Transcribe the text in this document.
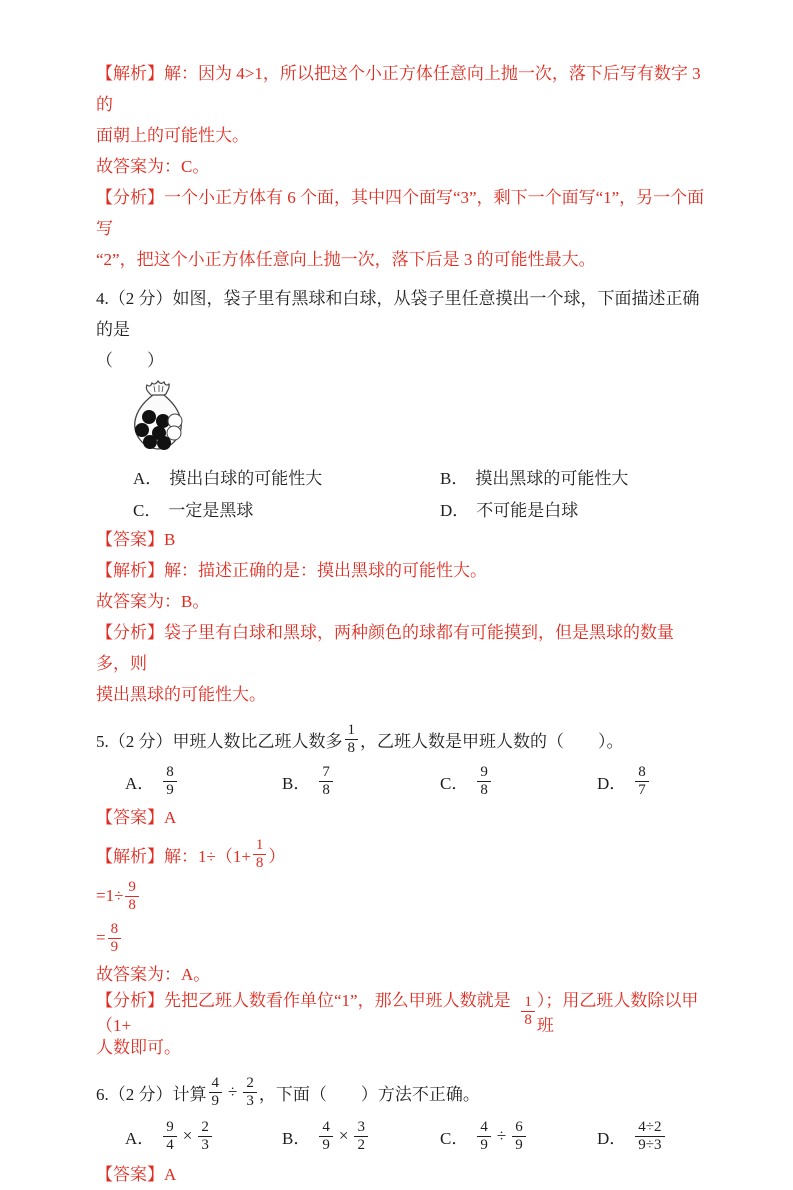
【解析】解：因为 4>1，所以把这个小正方体任意向上抛一次，落下后写有数字 3 的

面朝上的可能性大。

故答案为：C。

【分析】一个小正方体有 6 个面，其中四个面写“3”，剩下一个面写“1”，另一个面写

“2”，把这个小正方体任意向上抛一次，落下后是 3 的可能性最大。

4.（2 分）如图，袋子里有黑球和白球，从袋子里任意摸出一个球，下面描述正确的是

（　　）

A． 摸出白球的可能性大	B． 摸出黑球的可能性大
C． 一定是黑球	D． 不可能是白球

【答案】B

【解析】解：描述正确的是：摸出黑球的可能性大。

故答案为：B。

【分析】袋子里有白球和黑球，两种颜色的球都有可能摸到，但是黑球的数量多，则

摸出黑球的可能性大。

5.（2 分）甲班人数比乙班人数多
1
8 ，乙班人数是甲班人数的（　　）。

A．
8
9	B．
7
8	C．
9
8	D．
8
7

【答案】A

【解析】解：$1\div(1+ \frac{1}{8}$ ）

$=1\div \frac{9}{8}$

= $\frac{8}{9}$

故答案为：A。

【分析】先把乙班人数看作单位“1”，那么甲班人数就是（1+	$\frac{1}{8}$ ）；用乙班人数除以甲班

人数即可。

6.（2 分）计算 $\frac{4}{9} \div \frac{2}{3}$ ，下面（　　）方法不正确。

A． $\frac{9}{4} \times \frac{2}{3}$	B． $\frac{4}{9} \times \frac{3}{2}$	C． $\frac{4}{9} \div \frac{6}{9}$	D．
4÷2
9÷3

【答案】A
